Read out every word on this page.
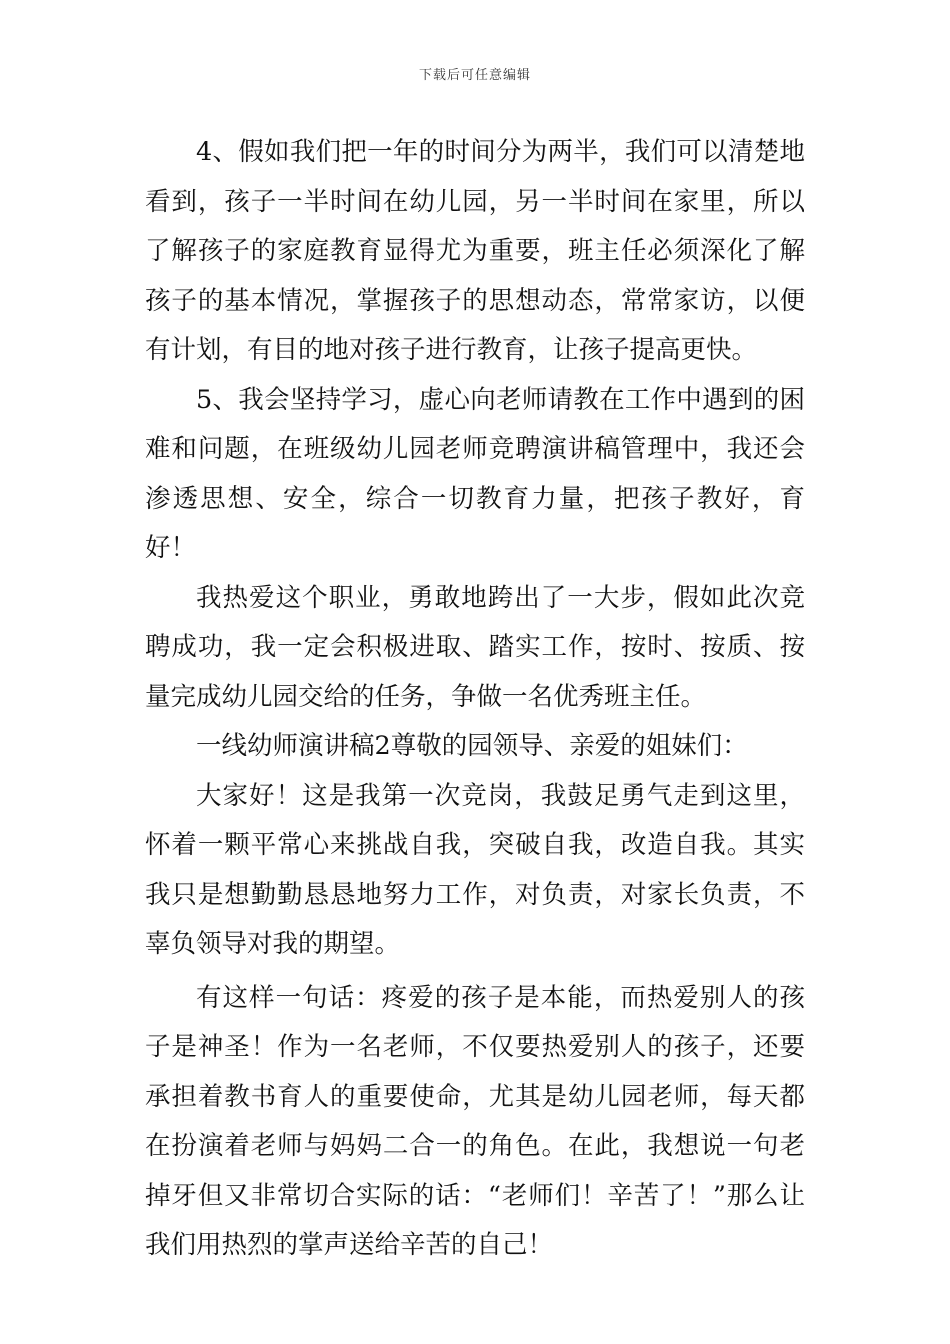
下载后可任意编辑

4、假如我们把一年的时间分为两半，我们可以清楚地看到，孩子一半时间在幼儿园，另一半时间在家里，所以了解孩子的家庭教育显得尤为重要，班主任必须深化了解孩子的基本情况，掌握孩子的思想动态，常常家访，以便有计划，有目的地对孩子进行教育，让孩子提高更快。

5、我会坚持学习，虚心向老师请教在工作中遇到的困难和问题，在班级幼儿园老师竞聘演讲稿管理中，我还会渗透思想、安全，综合一切教育力量，把孩子教好，育好！

我热爱这个职业，勇敢地跨出了一大步，假如此次竞聘成功，我一定会积极进取、踏实工作，按时、按质、按量完成幼儿园交给的任务，争做一名优秀班主任。

一线幼师演讲稿2尊敬的园领导、亲爱的姐妹们：

大家好！这是我第一次竞岗，我鼓足勇气走到这里，怀着一颗平常心来挑战自我，突破自我，改造自我。其实我只是想勤勤恳恳地努力工作，对负责，对家长负责，不辜负领导对我的期望。

有这样一句话：疼爱的孩子是本能，而热爱别人的孩子是神圣！作为一名老师，不仅要热爱别人的孩子，还要承担着教书育人的重要使命，尤其是幼儿园老师，每天都在扮演着老师与妈妈二合一的角色。在此，我想说一句老掉牙但又非常切合实际的话：“老师们！辛苦了！”那么让我们用热烈的掌声送给辛苦的自己！
